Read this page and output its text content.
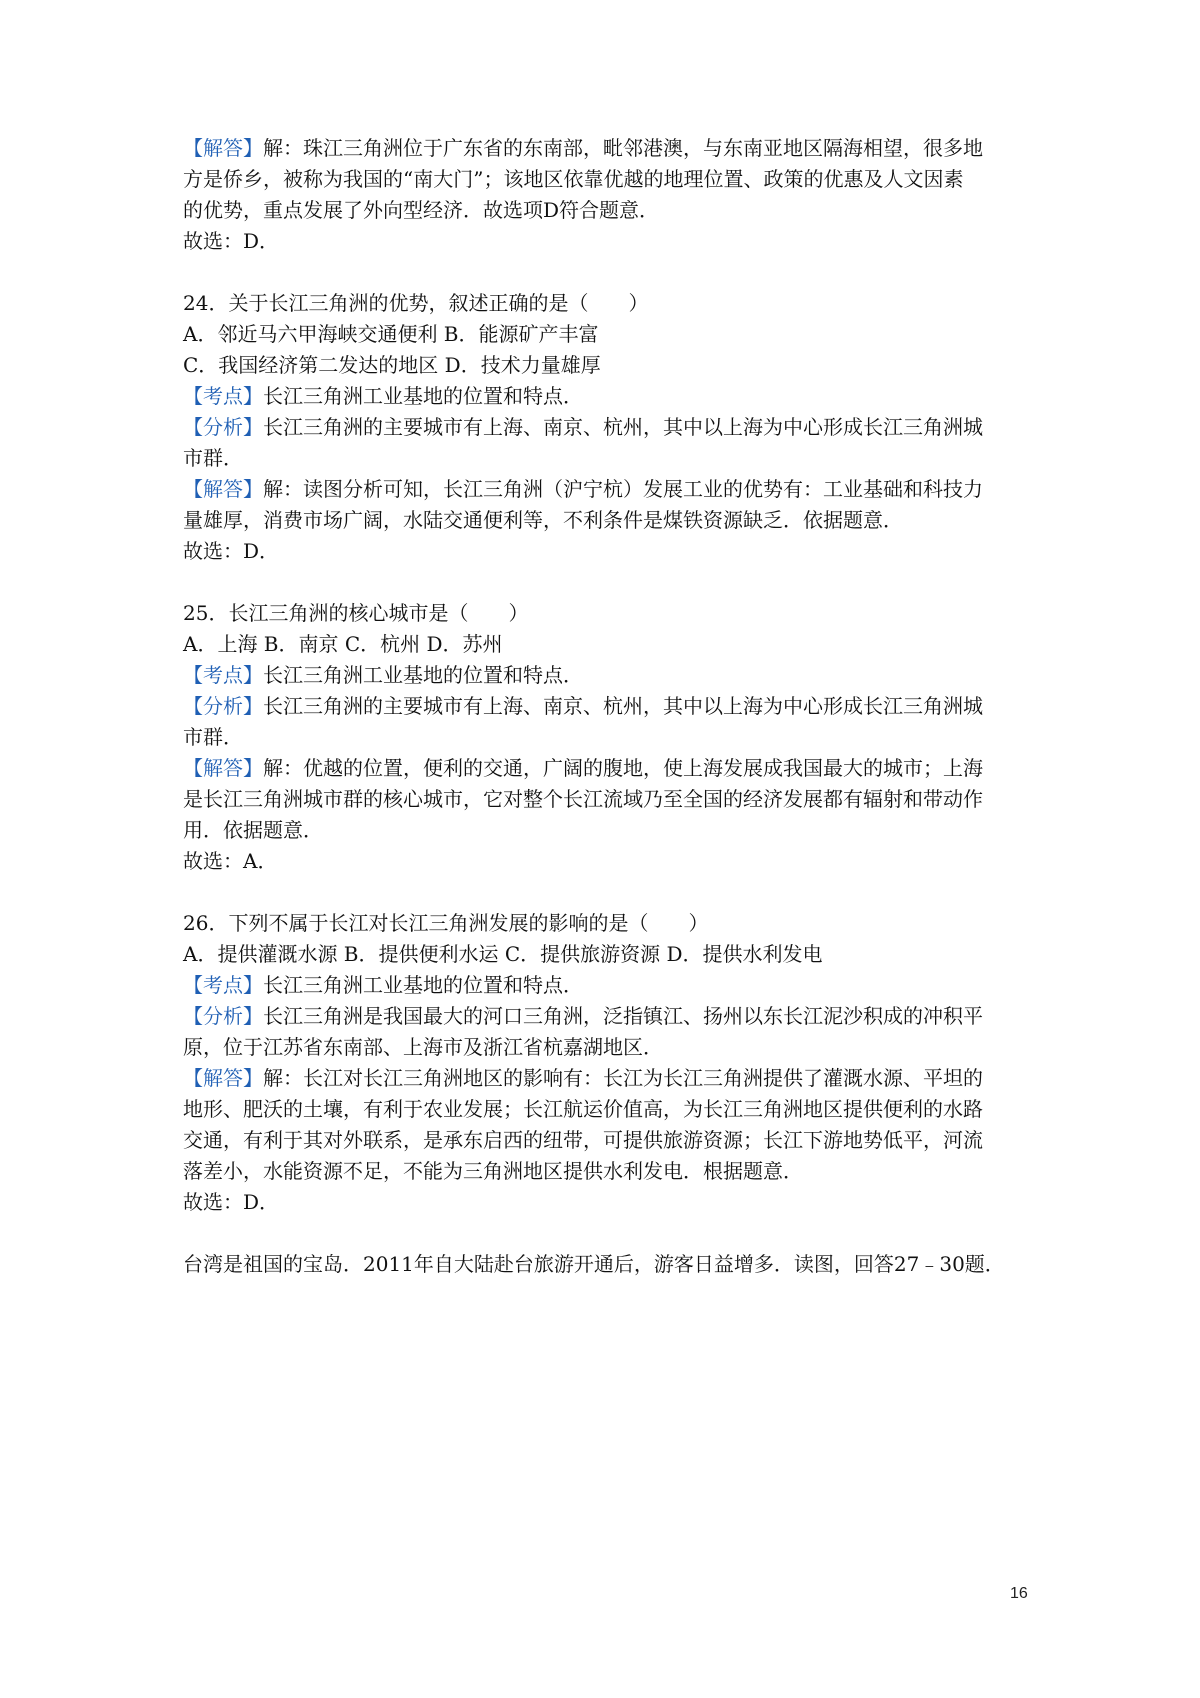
【解答】解：珠江三角洲位于广东省的东南部，毗邻港澳，与东南亚地区隔海相望，很多地
方是侨乡，被称为我国的“南大门”；该地区依靠优越的地理位置、政策的优惠及人文因素
的优势，重点发展了外向型经济．故选项D符合题意．
故选：D．
24．关于长江三角洲的优势，叙述正确的是（　　）
A．邻近马六甲海峡交通便利 B．能源矿产丰富
C．我国经济第二发达的地区 D．技术力量雄厚
【考点】长江三角洲工业基地的位置和特点．
【分析】长江三角洲的主要城市有上海、南京、杭州，其中以上海为中心形成长江三角洲城
市群．
【解答】解：读图分析可知，长江三角洲（沪宁杭）发展工业的优势有：工业基础和科技力
量雄厚，消费市场广阔，水陆交通便利等，不利条件是煤铁资源缺乏．依据题意．
故选：D．
25．长江三角洲的核心城市是（　　）
A．上海 B．南京 C．杭州 D．苏州
【考点】长江三角洲工业基地的位置和特点．
【分析】长江三角洲的主要城市有上海、南京、杭州，其中以上海为中心形成长江三角洲城
市群．
【解答】解：优越的位置，便利的交通，广阔的腹地，使上海发展成我国最大的城市；上海
是长江三角洲城市群的核心城市，它对整个长江流域乃至全国的经济发展都有辐射和带动作
用．依据题意．
故选：A．
26．下列不属于长江对长江三角洲发展的影响的是（　　）
A．提供灌溉水源 B．提供便利水运 C．提供旅游资源 D．提供水利发电
【考点】长江三角洲工业基地的位置和特点．
【分析】长江三角洲是我国最大的河口三角洲，泛指镇江、扬州以东长江泥沙积成的冲积平
原，位于江苏省东南部、上海市及浙江省杭嘉湖地区．
【解答】解：长江对长江三角洲地区的影响有：长江为长江三角洲提供了灌溉水源、平坦的
地形、肥沃的土壤，有利于农业发展；长江航运价值高，为长江三角洲地区提供便利的水路
交通，有利于其对外联系，是承东启西的纽带，可提供旅游资源；长江下游地势低平，河流
落差小，水能资源不足，不能为三角洲地区提供水利发电．根据题意．
故选：D．
台湾是祖国的宝岛．2011年自大陆赴台旅游开通后，游客日益增多．读图，回答27﹣30题．
16
